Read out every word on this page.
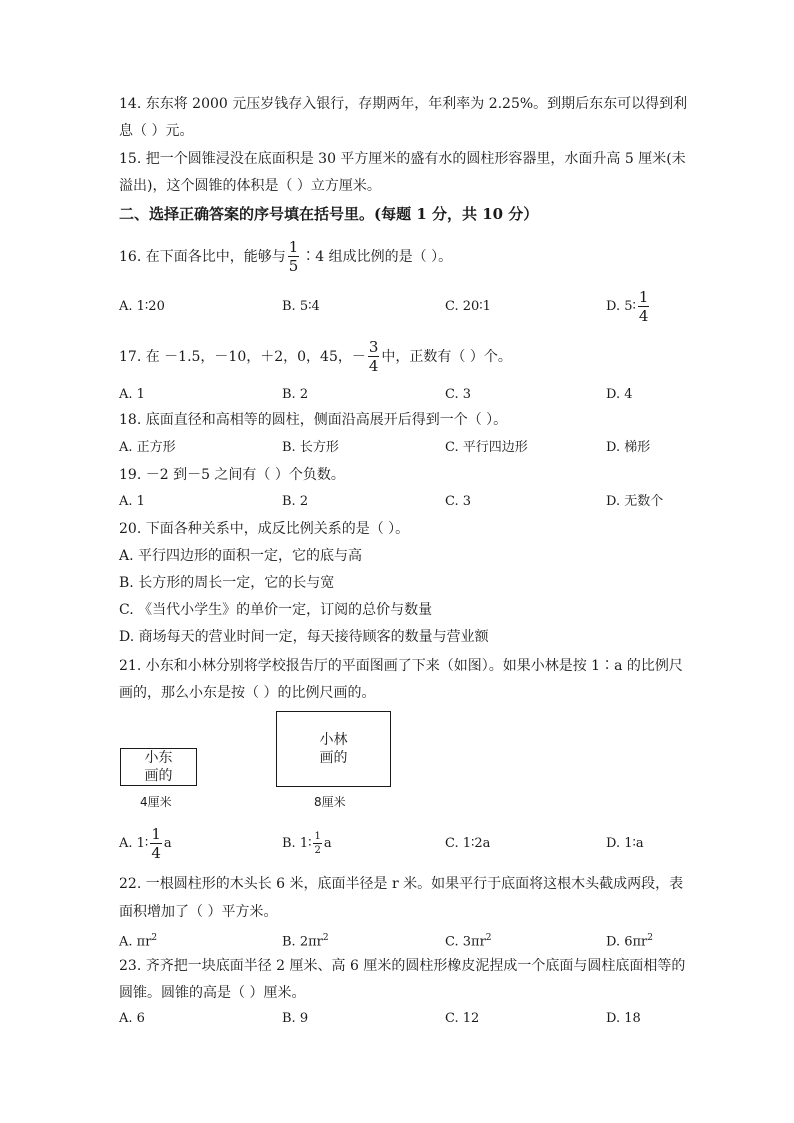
14. 东东将 2000 元压岁钱存入银行，存期两年，年利率为 2.25%。到期后东东可以得到利
息（ ）元。
15. 把一个圆锥浸没在底面积是 30 平方厘米的盛有水的圆柱形容器里，水面升高 5 厘米(未
溢出)，这个圆锥的体积是（ ）立方厘米。
二、选择正确答案的序号填在括号里。(每题 1 分，共 10 分）
16. 在下面各比中，能够与 $\frac{1}{5}$ ∶4 组成比例的是（ ）。
A. 1∶20	B. 5∶4	C. 20∶1	D. 5∶ $\frac{1}{4}$
17. 在 －1.5，－10，＋2，0，45，－ $\frac{3}{4}$ 中，正数有（ ）个。
A. 1	B. 2	C. 3	D. 4
18. 底面直径和高相等的圆柱，侧面沿高展开后得到一个（ ）。
A. 正方形	B. 长方形	C. 平行四边形	D. 梯形
19. －2 到－5 之间有（ ）个负数。
A. 1	B. 2	C. 3	D. 无数个
20. 下面各种关系中，成反比例关系的是（ ）。
A. 平行四边形的面积一定，它的底与高
B. 长方形的周长一定，它的长与宽
C. 《当代小学生》的单价一定，订阅的总价与数量
D. 商场每天的营业时间一定，每天接待顾客的数量与营业额
21. 小东和小林分别将学校报告厅的平面图画了下来（如图）。如果小林是按 1∶a 的比例尺
画的，那么小东是按（ ）的比例尺画的。
小东
画的
4厘米
小林
画的
8厘米
A. 1∶ $\frac{1}{4}$ a	B. 1∶ $\frac{1}{2}$ a	C. 1∶2a	D. 1∶a
22. 一根圆柱形的木头长 6 米，底面半径是 r 米。如果平行于底面将这根木头截成两段，表
面积增加了（ ）平方米。
A. $\pi r^2$	B. $2\pi r^2$	C. $3\pi r^2$	D. $6\pi r^2$
23. 齐齐把一块底面半径 2 厘米、高 6 厘米的圆柱形橡皮泥捏成一个底面与圆柱底面相等的
圆锥。圆锥的高是（ ）厘米。
A. 6	B. 9	C. 12	D. 18
